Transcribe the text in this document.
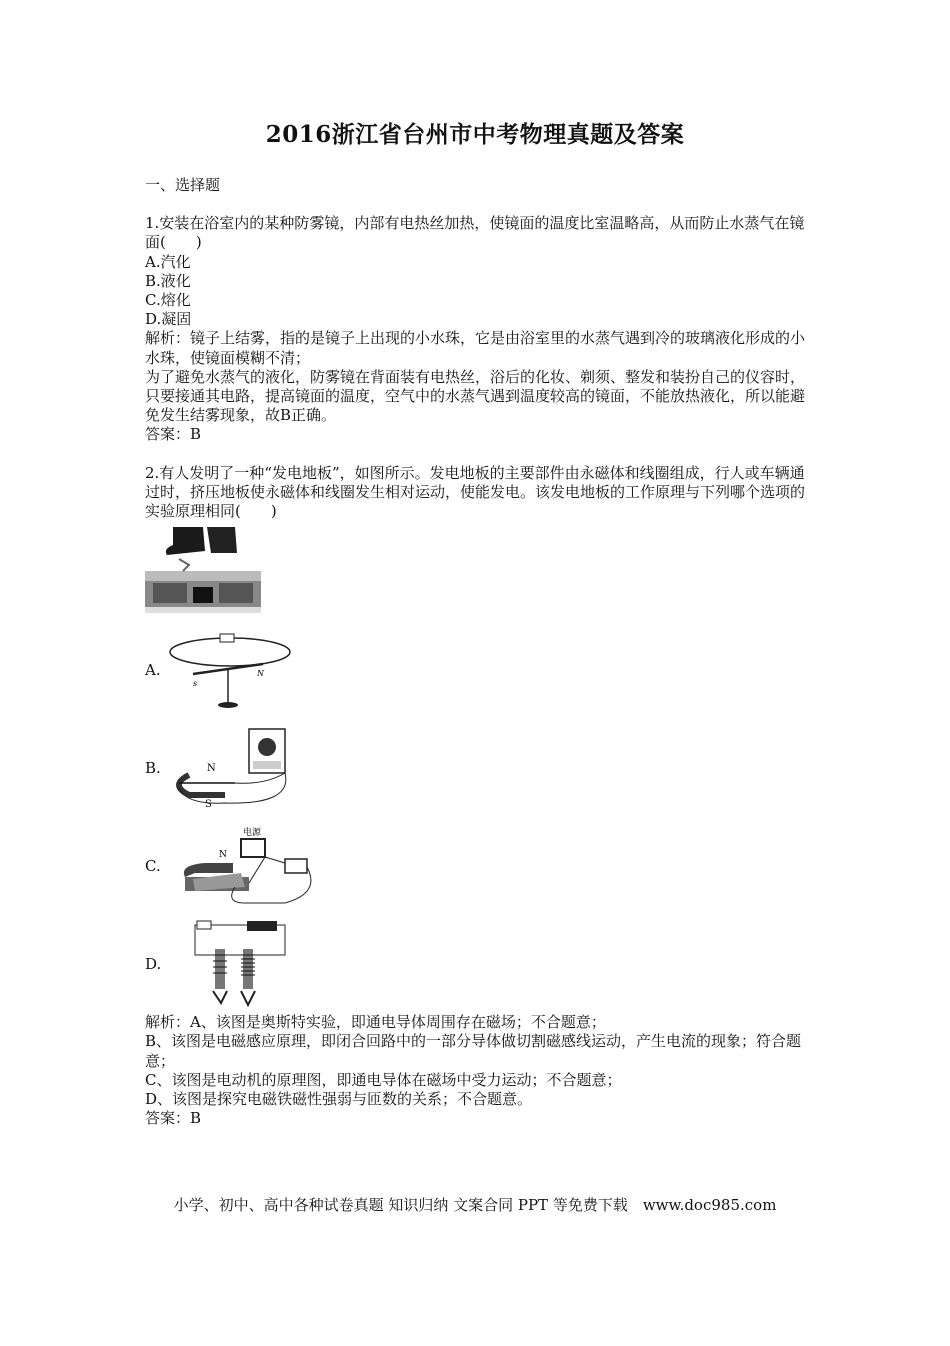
2016浙江省台州市中考物理真题及答案

一、选择题

1.安装在浴室内的某种防雾镜，内部有电热丝加热，使镜面的温度比室温略高，从而防止水蒸气在镜面(　　)

A.汽化

B.液化

C.熔化

D.凝固

解析：镜子上结雾，指的是镜子上出现的小水珠，它是由浴室里的水蒸气遇到冷的玻璃液化形成的小水珠，使镜面模糊不清；

为了避免水蒸气的液化，防雾镜在背面装有电热丝，浴后的化妆、剃须、整发和装扮自己的仪容时，只要接通其电路，提高镜面的温度，空气中的水蒸气遇到温度较高的镜面，不能放热液化，所以能避免发生结雾现象，故B正确。

答案：B

2.有人发明了一种“发电地板”，如图所示。发电地板的主要部件由永磁体和线圈组成，行人或车辆通过时，挤压地板使永磁体和线圈发生相对运动，使能发电。该发电地板的工作原理与下列哪个选项的实验原理相同(　　)

A.
s
N
B.	N
S
C.
电源
N
D.

解析：A、该图是奥斯特实验，即通电导体周围存在磁场；不合题意；

B、该图是电磁感应原理，即闭合回路中的一部分导体做切割磁感线运动，产生电流的现象；符合题意；

C、该图是电动机的原理图，即通电导体在磁场中受力运动；不合题意；

D、该图是探究电磁铁磁性强弱与匝数的关系；不合题意。

答案：B

小学、初中、高中各种试卷真题 知识归纳 文案合同 PPT 等免费下载　www.doc985.com
